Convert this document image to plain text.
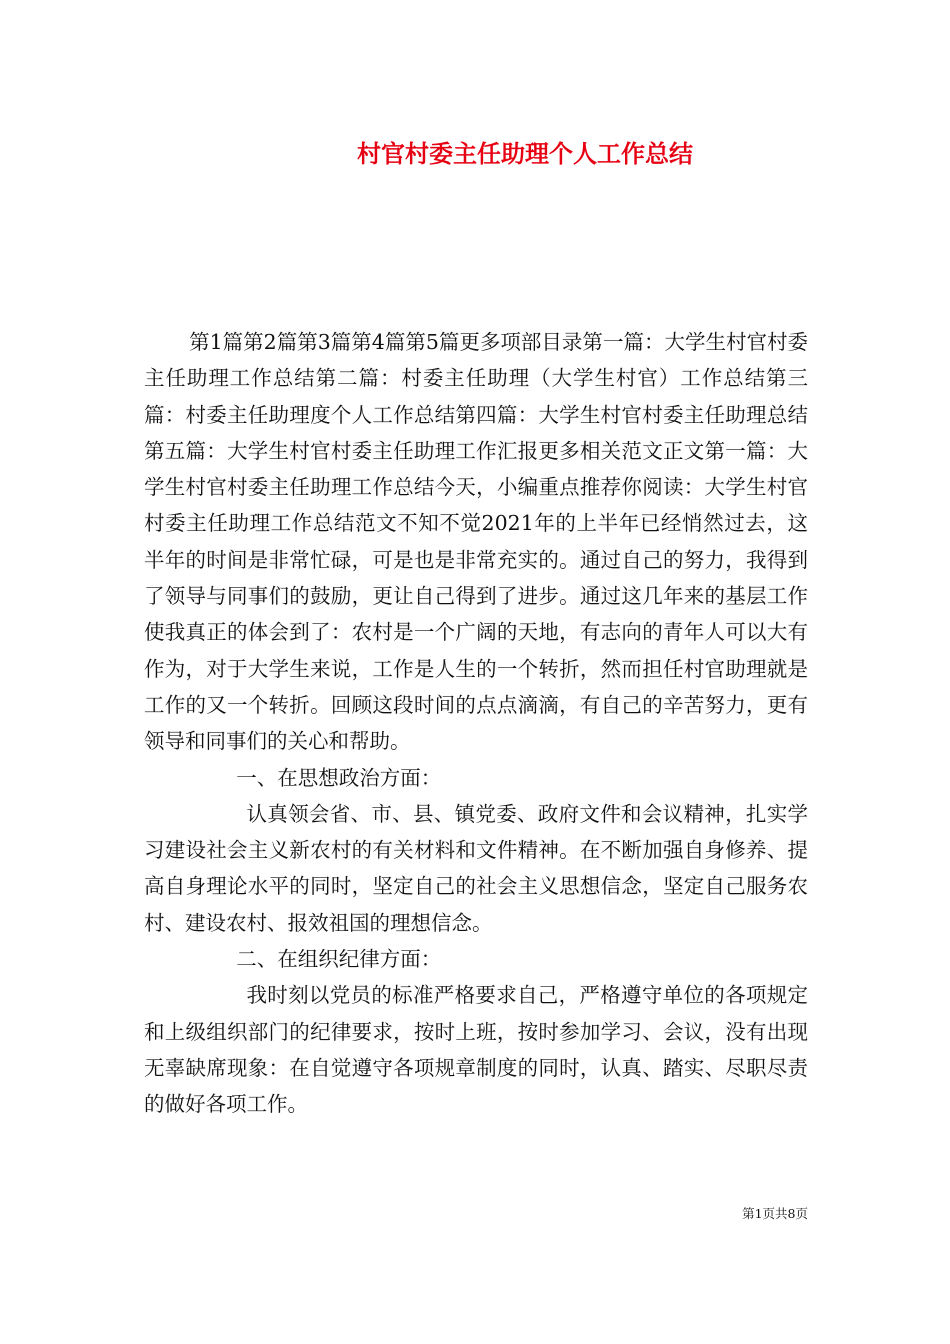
村官村委主任助理个人工作总结

第1篇第2篇第3篇第4篇第5篇更多项部目录第一篇：大学生村官村委主任助理工作总结第二篇：村委主任助理（大学生村官）工作总结第三篇：村委主任助理度个人工作总结第四篇：大学生村官村委主任助理总结第五篇：大学生村官村委主任助理工作汇报更多相关范文正文第一篇：大学生村官村委主任助理工作总结今天，小编重点推荐你阅读：大学生村官村委主任助理工作总结范文不知不觉2021年的上半年已经悄然过去，这半年的时间是非常忙碌，可是也是非常充实的。通过自己的努力，我得到了领导与同事们的鼓励，更让自己得到了进步。通过这几年来的基层工作使我真正的体会到了：农村是一个广阔的天地，有志向的青年人可以大有作为，对于大学生来说，工作是人生的一个转折，然而担任村官助理就是工作的又一个转折。回顾这段时间的点点滴滴，有自己的辛苦努力，更有领导和同事们的关心和帮助。

一、在思想政治方面：

认真领会省、市、县、镇党委、政府文件和会议精神，扎实学习建设社会主义新农村的有关材料和文件精神。在不断加强自身修养、提高自身理论水平的同时，坚定自己的社会主义思想信念，坚定自己服务农村、建设农村、报效祖国的理想信念。

二、在组织纪律方面：

我时刻以党员的标准严格要求自己，严格遵守单位的各项规定和上级组织部门的纪律要求，按时上班，按时参加学习、会议，没有出现无辜缺席现象：在自觉遵守各项规章制度的同时，认真、踏实、尽职尽责的做好各项工作。

第1页共8页
